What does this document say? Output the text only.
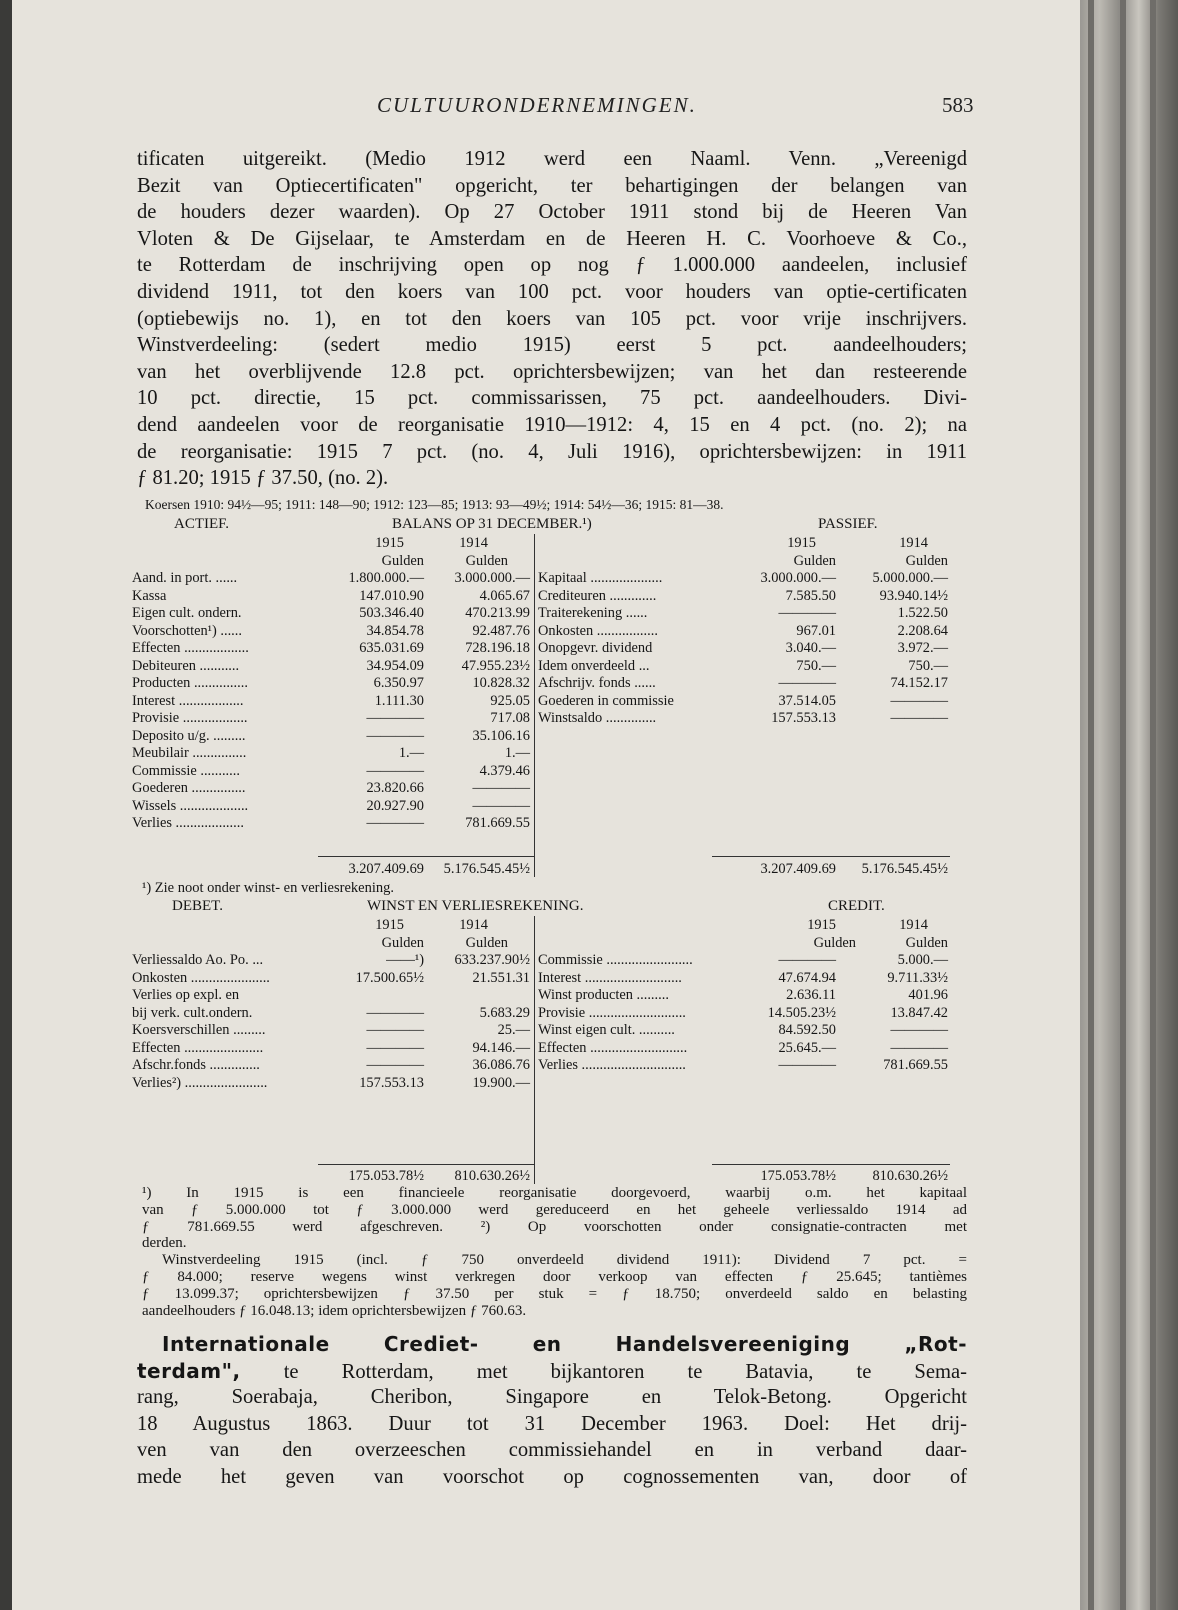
CULTUURONDERNEMINGEN.	583
tificaten uitgereikt. (Medio 1912 werd een Naaml. Venn. „Vereenigd
Bezit van Optiecertificaten" opgericht, ter behartigingen der belangen van
de houders dezer waarden). Op 27 October 1911 stond bij de Heeren Van
Vloten & De Gijselaar, te Amsterdam en de Heeren H. C. Voorhoeve & Co.,
te Rotterdam de inschrijving open op nog ƒ 1.000.000 aandeelen, inclusief
dividend 1911, tot den koers van 100 pct. voor houders van optie-certificaten
(optiebewijs no. 1), en tot den koers van 105 pct. voor vrije inschrijvers.
Winstverdeeling: (sedert medio 1915) eerst 5 pct. aandeelhouders;
van het overblijvende 12.8 pct. oprichtersbewijzen; van het dan resteerende
10 pct. directie, 15 pct. commissarissen, 75 pct. aandeelhouders. Divi-
dend aandeelen voor de reorganisatie 1910—1912: 4, 15 en 4 pct. (no. 2); na
de reorganisatie: 1915 7 pct. (no. 4, Juli 1916), oprichtersbewijzen: in 1911
ƒ 81.20; 1915 ƒ 37.50, (no. 2).
Koersen 1910: 94½—95; 1911: 148—90; 1912: 123—85; 1913: 93—49½; 1914: 54½—36; 1915: 81—38.
ACTIEF.	BALANS OP 31 DECEMBER.¹)	PASSIEF.
1915	1914
Gulden	Gulden
1915	1914
Gulden	Gulden
Aand. in port. ......	1.800.000.— 3.000.000.—
Kassa	147.010.90	4.065.67
Eigen cult. ondern.	503.346.40	470.213.99
Voorschotten¹) ......	34.854.78	92.487.76
Effecten ..................	635.031.69	728.196.18
Debiteuren ...........	34.954.09	47.955.23½
Producten ...............	6.350.97	10.828.32
Interest ..................	1.111.30	925.05
Provisie ..................	————	717.08
Deposito u/g. .........	————	35.106.16
Meubilair ...............	1.—	1.—
Commissie ...........	————	4.379.46
Goederen ...............	23.820.66	————
Wissels ...................	20.927.90	————
Verlies ...................	————	781.669.55
Kapitaal ....................	3.000.000.—	5.000.000.—
Crediteuren .............	7.585.50	93.940.14½
Traiterekening ......	————	1.522.50
Onkosten .................	967.01	2.208.64
Onopgevr. dividend	3.040.—	3.972.—
Idem onverdeeld ...	750.—	750.—
Afschrijv. fonds ......	————	74.152.17
Goederen in commissie	37.514.05	————
Winstsaldo ..............	157.553.13	————
3.207.409.69 5.176.545.45½	3.207.409.69 5.176.545.45½
¹) Zie noot onder winst- en verliesrekening.
DEBET.	WINST EN VERLIESREKENING.	CREDIT.
1915	1914
Gulden	Gulden
1915	1914
Gulden	Gulden
Verliessaldo Ao. Po. ...	——¹) 633.237.90½
Onkosten ......................	17.500.65½	21.551.31
Verlies op expl. en
bij verk. cult.ondern.	————	5.683.29
Koersverschillen .........	————	25.—
Effecten ......................	————	94.146.—
Afschr.fonds ..............	————	36.086.76
Verlies²) .......................	157.553.13	19.900.—
Commissie ........................	————	5.000.—
Interest ...........................	47.674.94	9.711.33½
Winst producten .........	2.636.11	401.96
Provisie ...........................	14.505.23½	13.847.42
Winst eigen cult. ..........	84.592.50	————
Effecten ...........................	25.645.—	————
Verlies .............................	————	781.669.55
175.053.78½ 810.630.26½	175.053.78½	810.630.26½
¹) In 1915 is een financieele reorganisatie doorgevoerd, waarbij o.m. het kapitaal
van ƒ 5.000.000 tot ƒ 3.000.000 werd gereduceerd en het geheele verliessaldo 1914 ad
ƒ 781.669.55 werd afgeschreven. ²) Op voorschotten onder consignatie-contracten met
derden.
Winstverdeeling 1915 (incl. ƒ 750 onverdeeld dividend 1911): Dividend 7 pct. =
ƒ 84.000; reserve wegens winst verkregen door verkoop van effecten ƒ 25.645; tantièmes
ƒ 13.099.37; oprichtersbewijzen ƒ 37.50 per stuk = ƒ 18.750; onverdeeld saldo en belasting
aandeelhouders ƒ 16.048.13; idem oprichtersbewijzen ƒ 760.63.
Internationale Crediet- en Handelsvereeniging „Rot-
terdam", te Rotterdam, met bijkantoren te Batavia, te Sema-
rang, Soerabaja, Cheribon, Singapore en Telok-Betong. Opgericht
18 Augustus 1863. Duur tot 31 December 1963. Doel: Het drij-
ven van den overzeeschen commissiehandel en in verband daar-
mede het geven van voorschot op cognossementen van, door of
